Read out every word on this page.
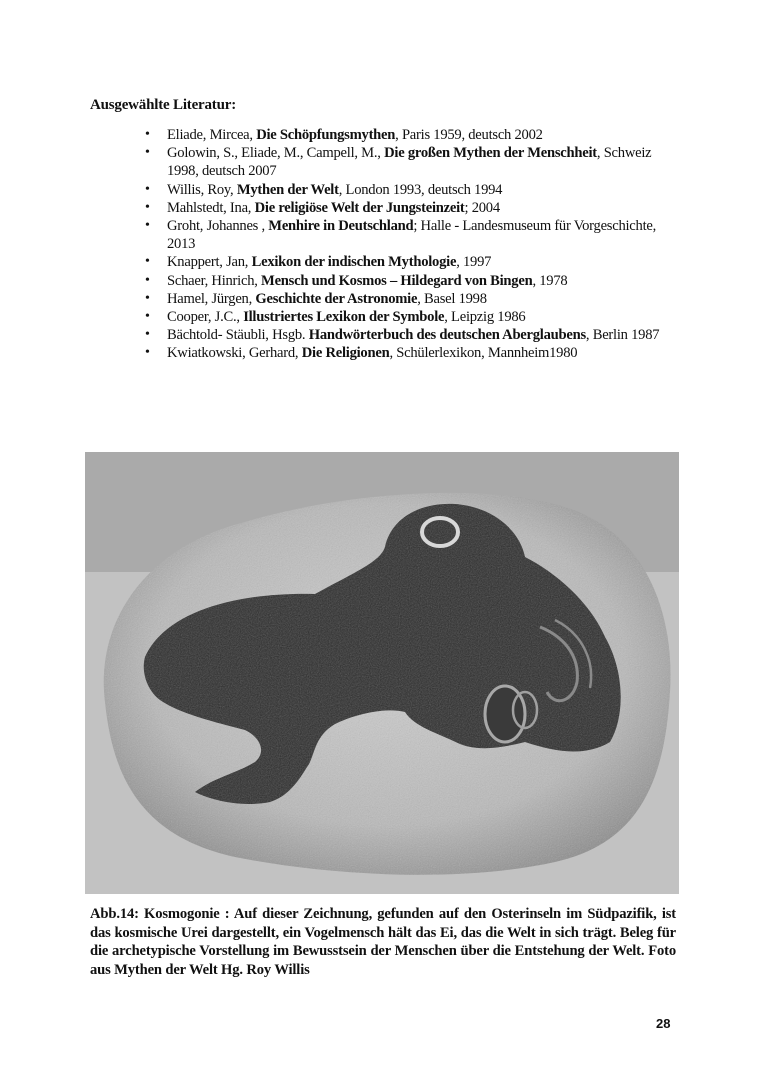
Ausgewählte Literatur:
• Eliade, Mircea, Die Schöpfungsmythen, Paris 1959, deutsch 2002
• Golowin, S., Eliade, M., Campell, M., Die großen Mythen der Menschheit, Schweiz 1998, deutsch 2007
• Willis, Roy, Mythen der Welt, London 1993, deutsch 1994
• Mahlstedt, Ina, Die religiöse Welt der Jungsteinzeit; 2004
• Groht, Johannes , Menhire in Deutschland; Halle - Landesmuseum für Vorgeschichte, 2013
• Knappert, Jan, Lexikon der indischen Mythologie, 1997
• Schaer, Hinrich, Mensch und Kosmos – Hildegard von Bingen, 1978
• Hamel, Jürgen, Geschichte der Astronomie, Basel 1998
• Cooper, J.C., Illustriertes Lexikon der Symbole, Leipzig 1986
• Bächtold- Stäubli, Hsgb. Handwörterbuch des deutschen Aberglaubens, Berlin 1987
• Kwiatkowski, Gerhard, Die Religionen, Schülerlexikon, Mannheim1980
Abb.14: Kosmogonie : Auf dieser Zeichnung, gefunden auf den Osterinseln im Südpazifik, ist das kosmische Urei dargestellt, ein Vogelmensch hält das Ei, das die Welt in sich trägt. Beleg für die archetypische Vorstellung im Bewusstsein der Menschen über die Entstehung der Welt. Foto aus Mythen der Welt Hg. Roy Willis
28
